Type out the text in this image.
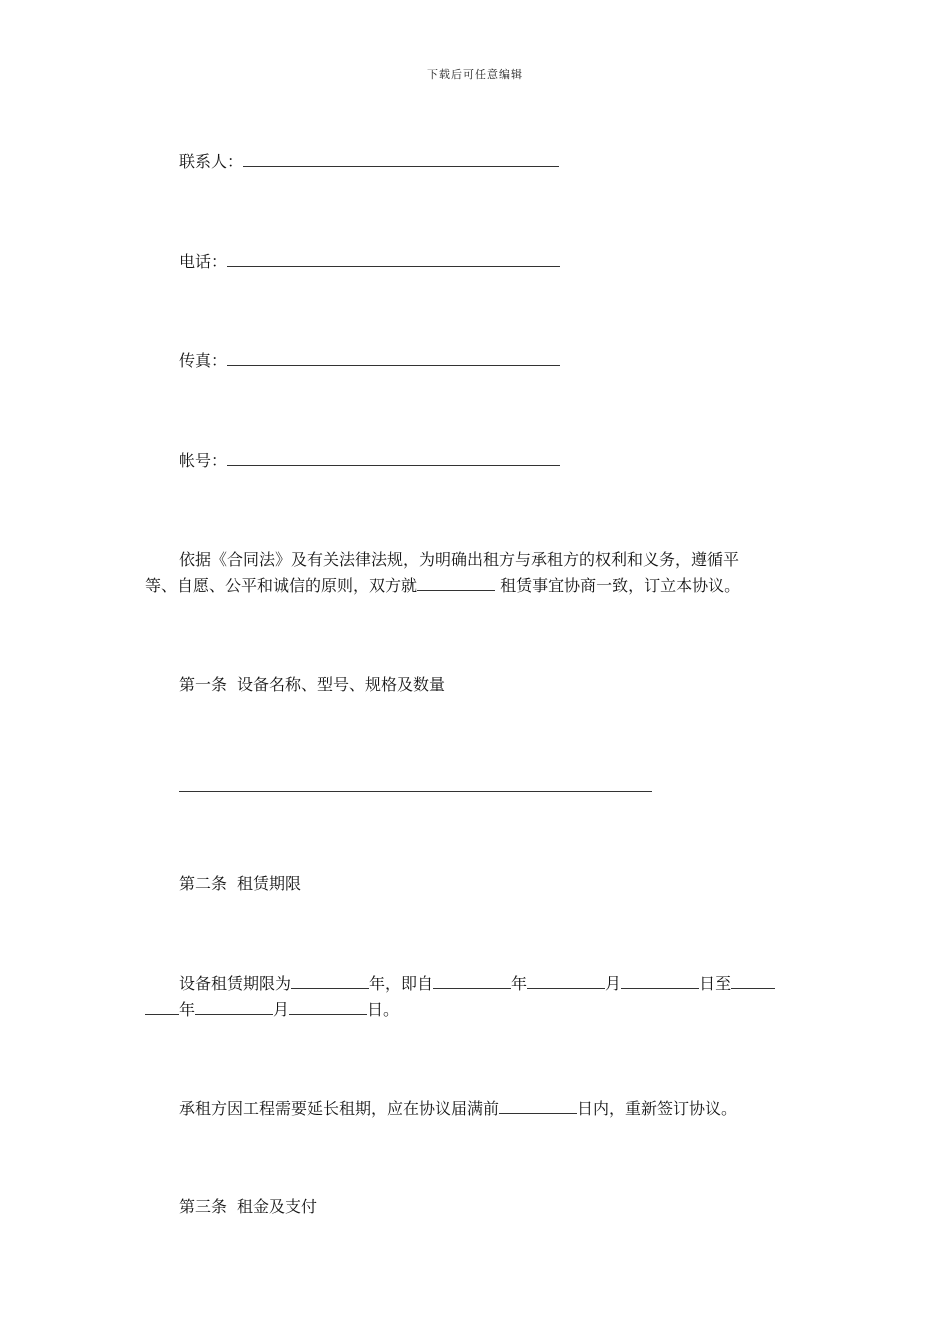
下载后可任意编辑
联系人：
电话：
传真：
帐号：
依据《合同法》及有关法律法规，为明确出租方与承租方的权利和义务，遵循平
等、自愿、公平和诚信的原则，双方就	租赁事宜协商一致，订立本协议。
第一条 设备名称、型号、规格及数量
第二条 租赁期限
设备租赁期限为	年，即自	年	月	日至
年	月	日。
承租方因工程需要延长租期，应在协议届满前	日内，重新签订协议。
第三条 租金及支付
